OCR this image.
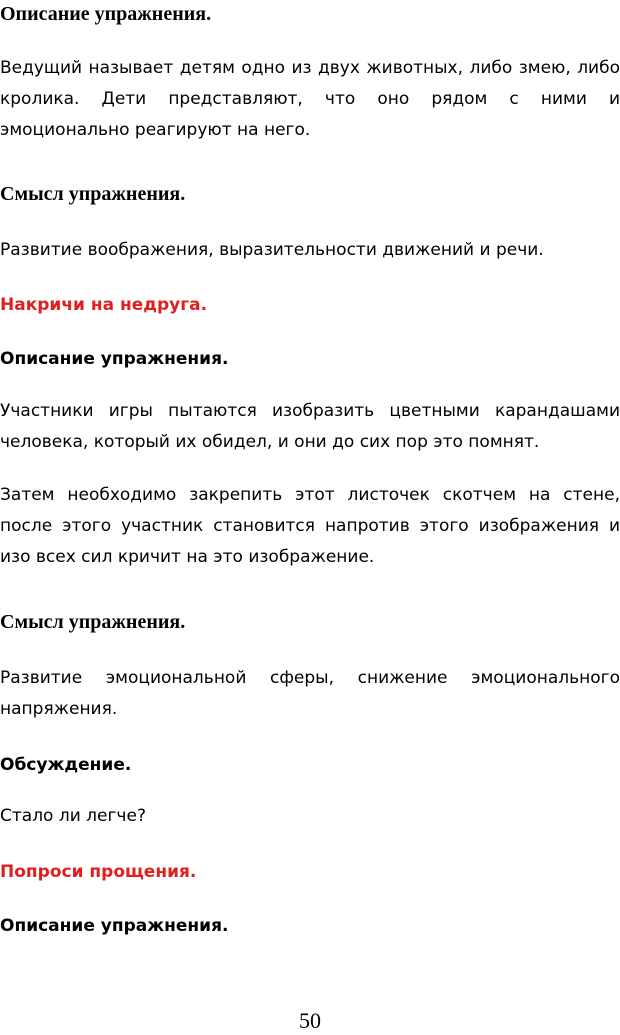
Описание упражнения.

Ведущий называет детям одно из двух животных, либо змею, либо кролика. Дети представляют, что оно рядом с ними и эмоционально реагируют на него.

Смысл упражнения.

Развитие воображения, выразительности движений и речи.

Накричи на недруга.
Описание упражнения.

Участники игры пытаются изобразить цветными карандашами человека, который их обидел, и они до сих пор это помнят.

Затем необходимо закрепить этот листочек скотчем на стене, после этого участник становится напротив этого изображения и изо всех сил кричит на это изображение.

Смысл упражнения.

Развитие эмоциональной сферы, снижение эмоционального напряжения.

Обсуждение.

Стало ли легче?

Попроси прощения.
Описание упражнения.
50
